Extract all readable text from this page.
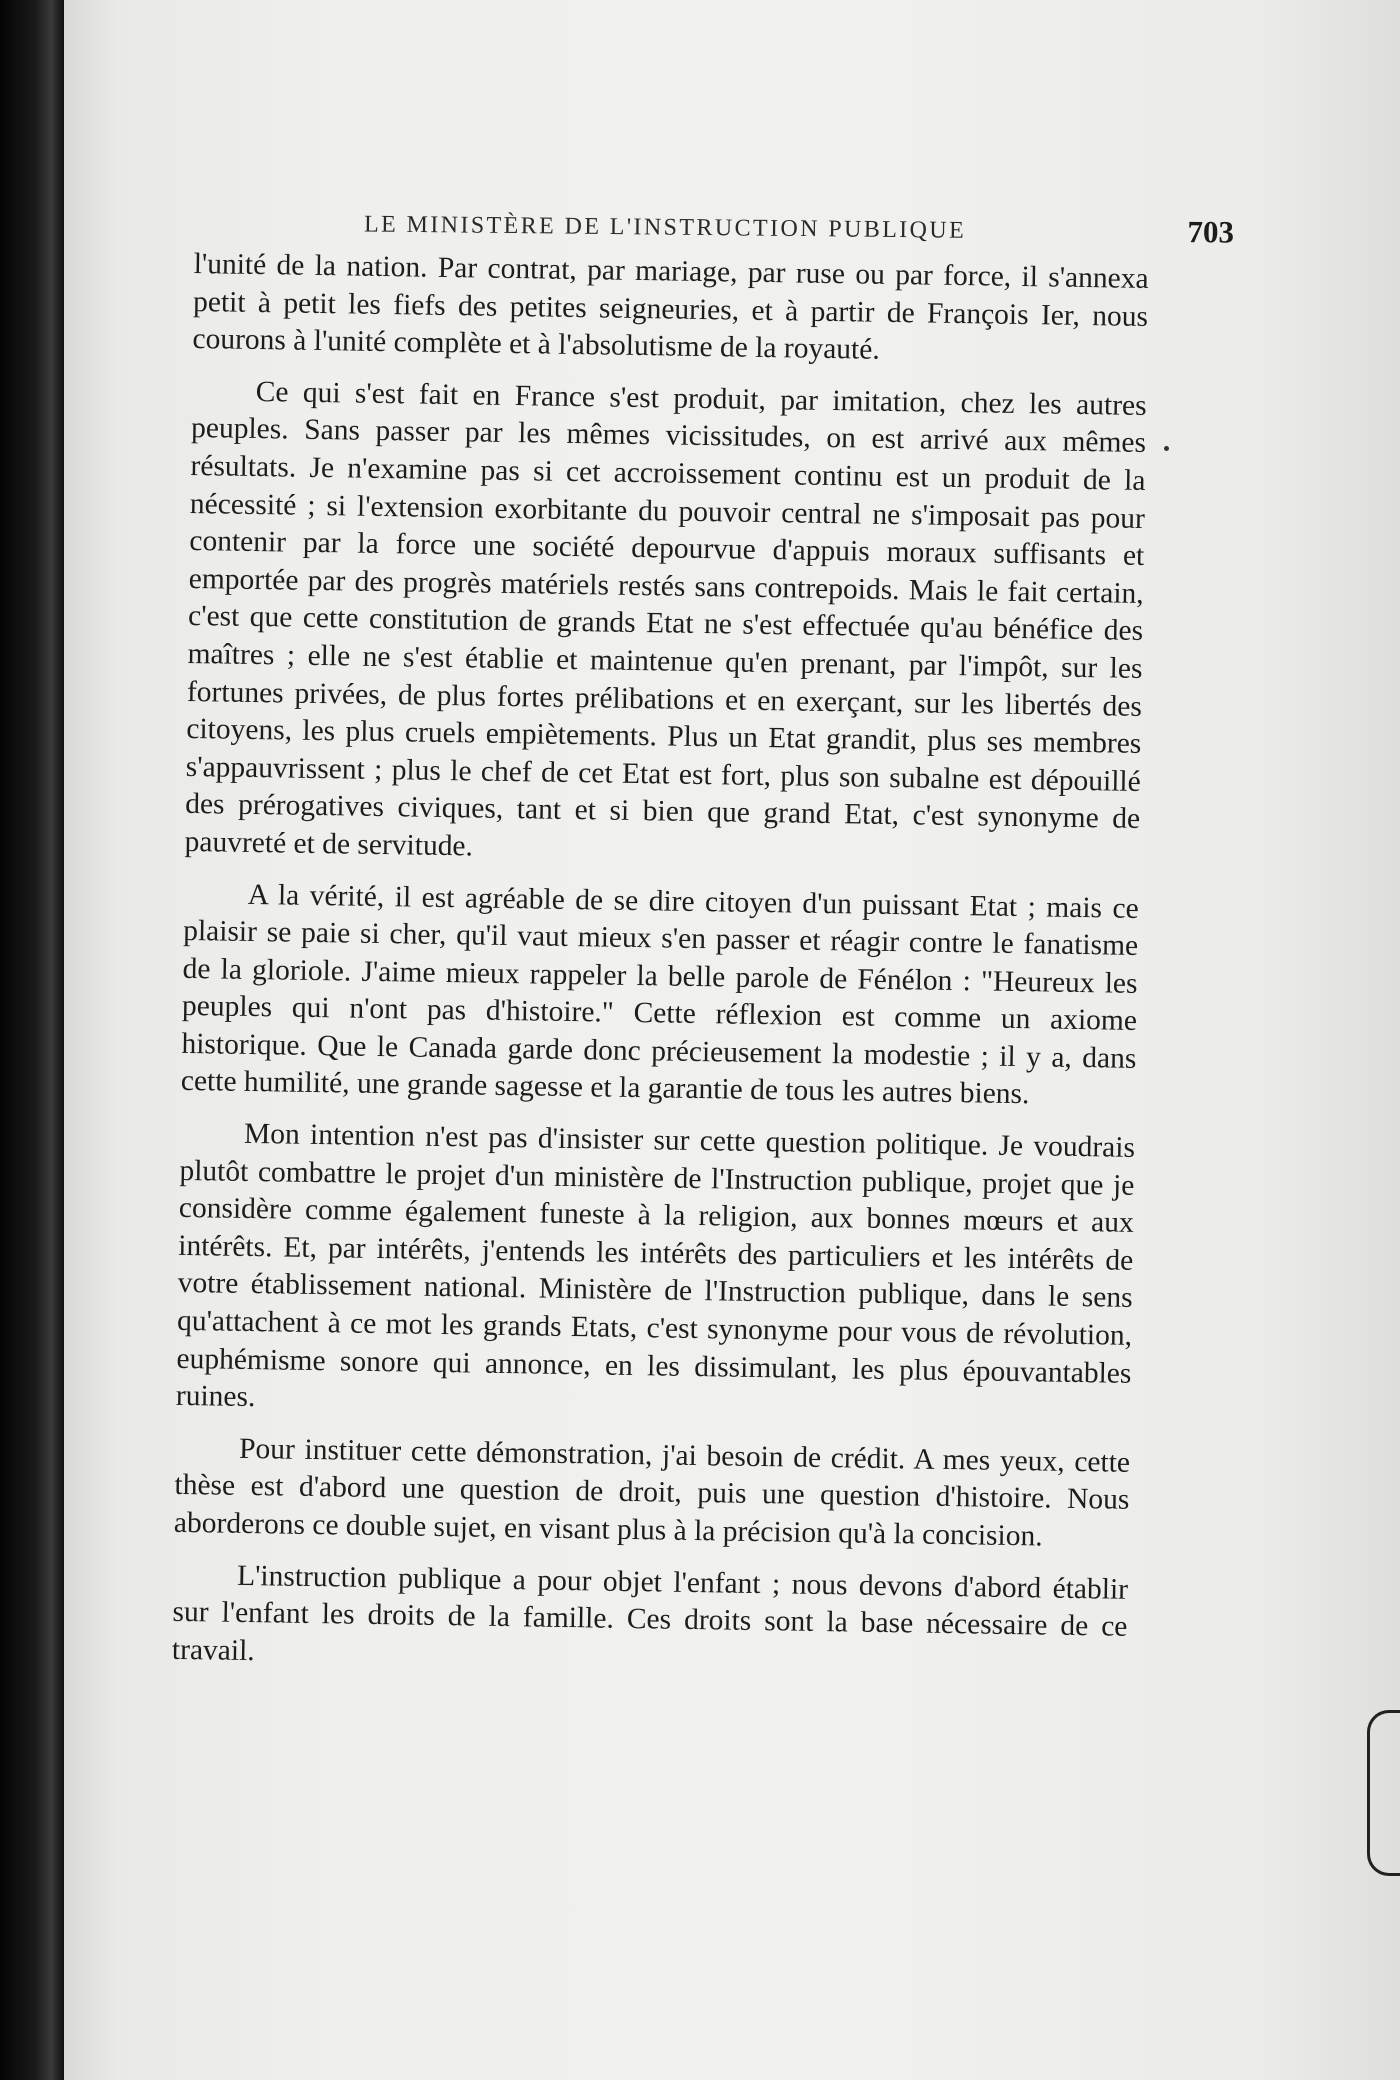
LE MINISTÈRE DE L'INSTRUCTION PUBLIQUE	703

l'unité de la nation. Par contrat, par mariage, par ruse ou par force, il s'annexa petit à petit les fiefs des petites seigneuries, et à partir de François Ier, nous courons à l'unité complète et à l'absolutisme de la royauté.

Ce qui s'est fait en France s'est produit, par imitation, chez les autres peuples. Sans passer par les mêmes vicissitudes, on est arrivé aux mêmes résultats. Je n'examine pas si cet accroissement continu est un produit de la nécessité ; si l'extension exorbitante du pouvoir central ne s'imposait pas pour contenir par la force une société depourvue d'appuis moraux suffisants et emportée par des progrès matériels restés sans contrepoids. Mais le fait certain, c'est que cette constitution de grands Etat ne s'est effectuée qu'au bénéfice des maîtres ; elle ne s'est établie et maintenue qu'en prenant, par l'impôt, sur les fortunes privées, de plus fortes prélibations et en exerçant, sur les libertés des citoyens, les plus cruels empiètements. Plus un Etat grandit, plus ses membres s'appauvrissent ; plus le chef de cet Etat est fort, plus son subalne est dépouillé des prérogatives civiques, tant et si bien que grand Etat, c'est synonyme de pauvreté et de servitude.

A la vérité, il est agréable de se dire citoyen d'un puissant Etat ; mais ce plaisir se paie si cher, qu'il vaut mieux s'en passer et réagir contre le fanatisme de la gloriole. J'aime mieux rappeler la belle parole de Fénélon : "Heureux les peuples qui n'ont pas d'histoire." Cette réflexion est comme un axiome historique. Que le Canada garde donc précieusement la modestie ; il y a, dans cette humilité, une grande sagesse et la garantie de tous les autres biens.

Mon intention n'est pas d'insister sur cette question politique. Je voudrais plutôt combattre le projet d'un ministère de l'Instruction publique, projet que je considère comme également funeste à la religion, aux bonnes mœurs et aux intérêts. Et, par intérêts, j'entends les intérêts des particuliers et les intérêts de votre établissement national. Ministère de l'Instruction publique, dans le sens qu'attachent à ce mot les grands Etats, c'est synonyme pour vous de révolution, euphémisme sonore qui annonce, en les dissimulant, les plus épouvantables ruines.

Pour instituer cette démonstration, j'ai besoin de crédit. A mes yeux, cette thèse est d'abord une question de droit, puis une question d'histoire. Nous aborderons ce double sujet, en visant plus à la précision qu'à la concision.

L'instruction publique a pour objet l'enfant ; nous devons d'abord établir sur l'enfant les droits de la famille. Ces droits sont la base nécessaire de ce travail.
